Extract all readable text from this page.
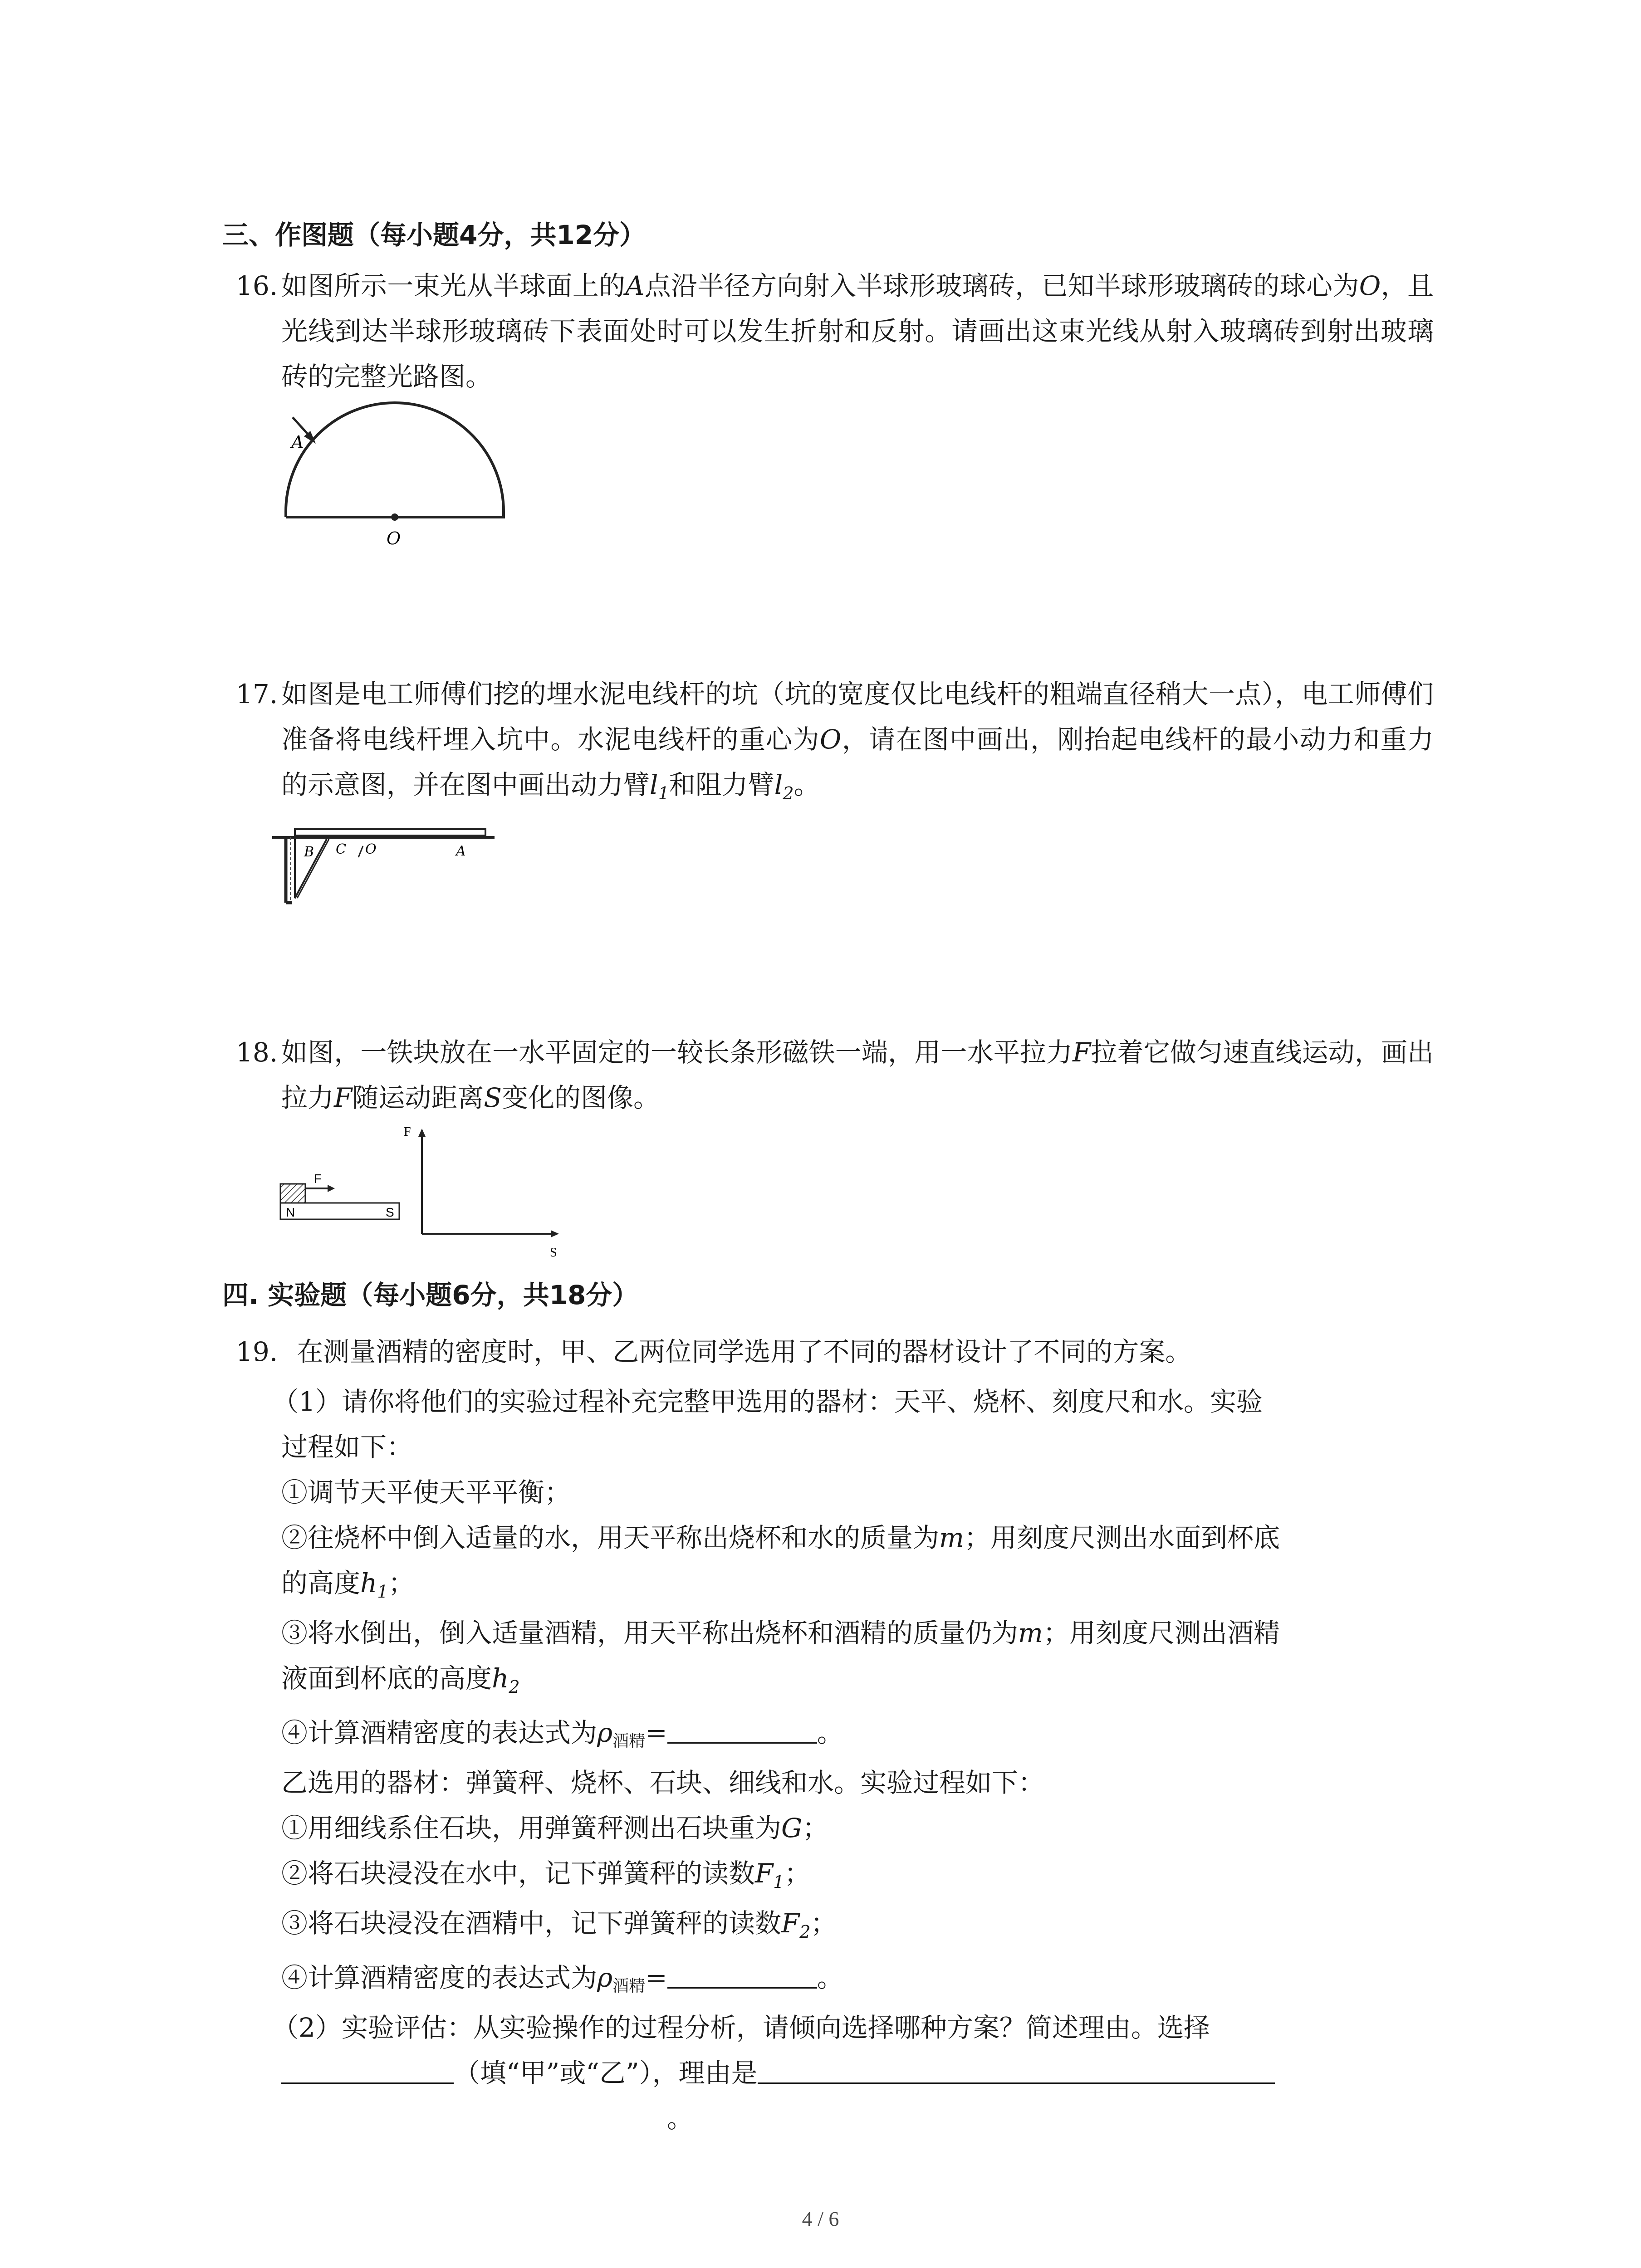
三、作图题（每小题4分，共12分）
16. 如图所示一束光从半球面上的A点沿半径方向射入半球形玻璃砖，已知半球形玻璃砖的球心为O，且光线到达半球形玻璃砖下表面处时可以发生折射和反射。请画出这束光线从射入玻璃砖到射出玻璃砖的完整光路图。
A
O
17. 如图是电工师傅们挖的埋水泥电线杆的坑（坑的宽度仅比电线杆的粗端直径稍大一点），电工师傅们准备将电线杆埋入坑中。水泥电线杆的重心为O，请在图中画出，刚抬起电线杆的最小动力和重力的示意图，并在图中画出动力臂$l_1$和阻力臂$l_2$。
B C O	A
18. 如图，一铁块放在一水平固定的一较长条形磁铁一端，用一水平拉力F拉着它做匀速直线运动，画出拉力F随运动距离S变化的图像。
F
N	S
F
S
四. 实验题（每小题6分，共18分）
19. 在测量酒精的密度时，甲、乙两位同学选用了不同的器材设计了不同的方案。
（1）请你将他们的实验过程补充完整甲选用的器材：天平、烧杯、刻度尺和水。实验
过程如下：
①调节天平使天平平衡；
②往烧杯中倒入适量的水，用天平称出烧杯和水的质量为m；用刻度尺测出水面到杯底
的高度$h_1$；
③将水倒出，倒入适量酒精，用天平称出烧杯和酒精的质量仍为m；用刻度尺测出酒精
液面到杯底的高度$h_2$
④计算酒精密度的表达式为ρ酒精=	。
乙选用的器材：弹簧秤、烧杯、石块、细线和水。实验过程如下：
①用细线系住石块，用弹簧秤测出石块重为G；
②将石块浸没在水中，记下弹簧秤的读数$F_1$；
③将石块浸没在酒精中，记下弹簧秤的读数$F_2$；
④计算酒精密度的表达式为ρ酒精=	。
（2）实验评估：从实验操作的过程分析，请倾向选择哪种方案？简述理由。选择
（填“甲”或“乙”），理由是
。
4 / 6
